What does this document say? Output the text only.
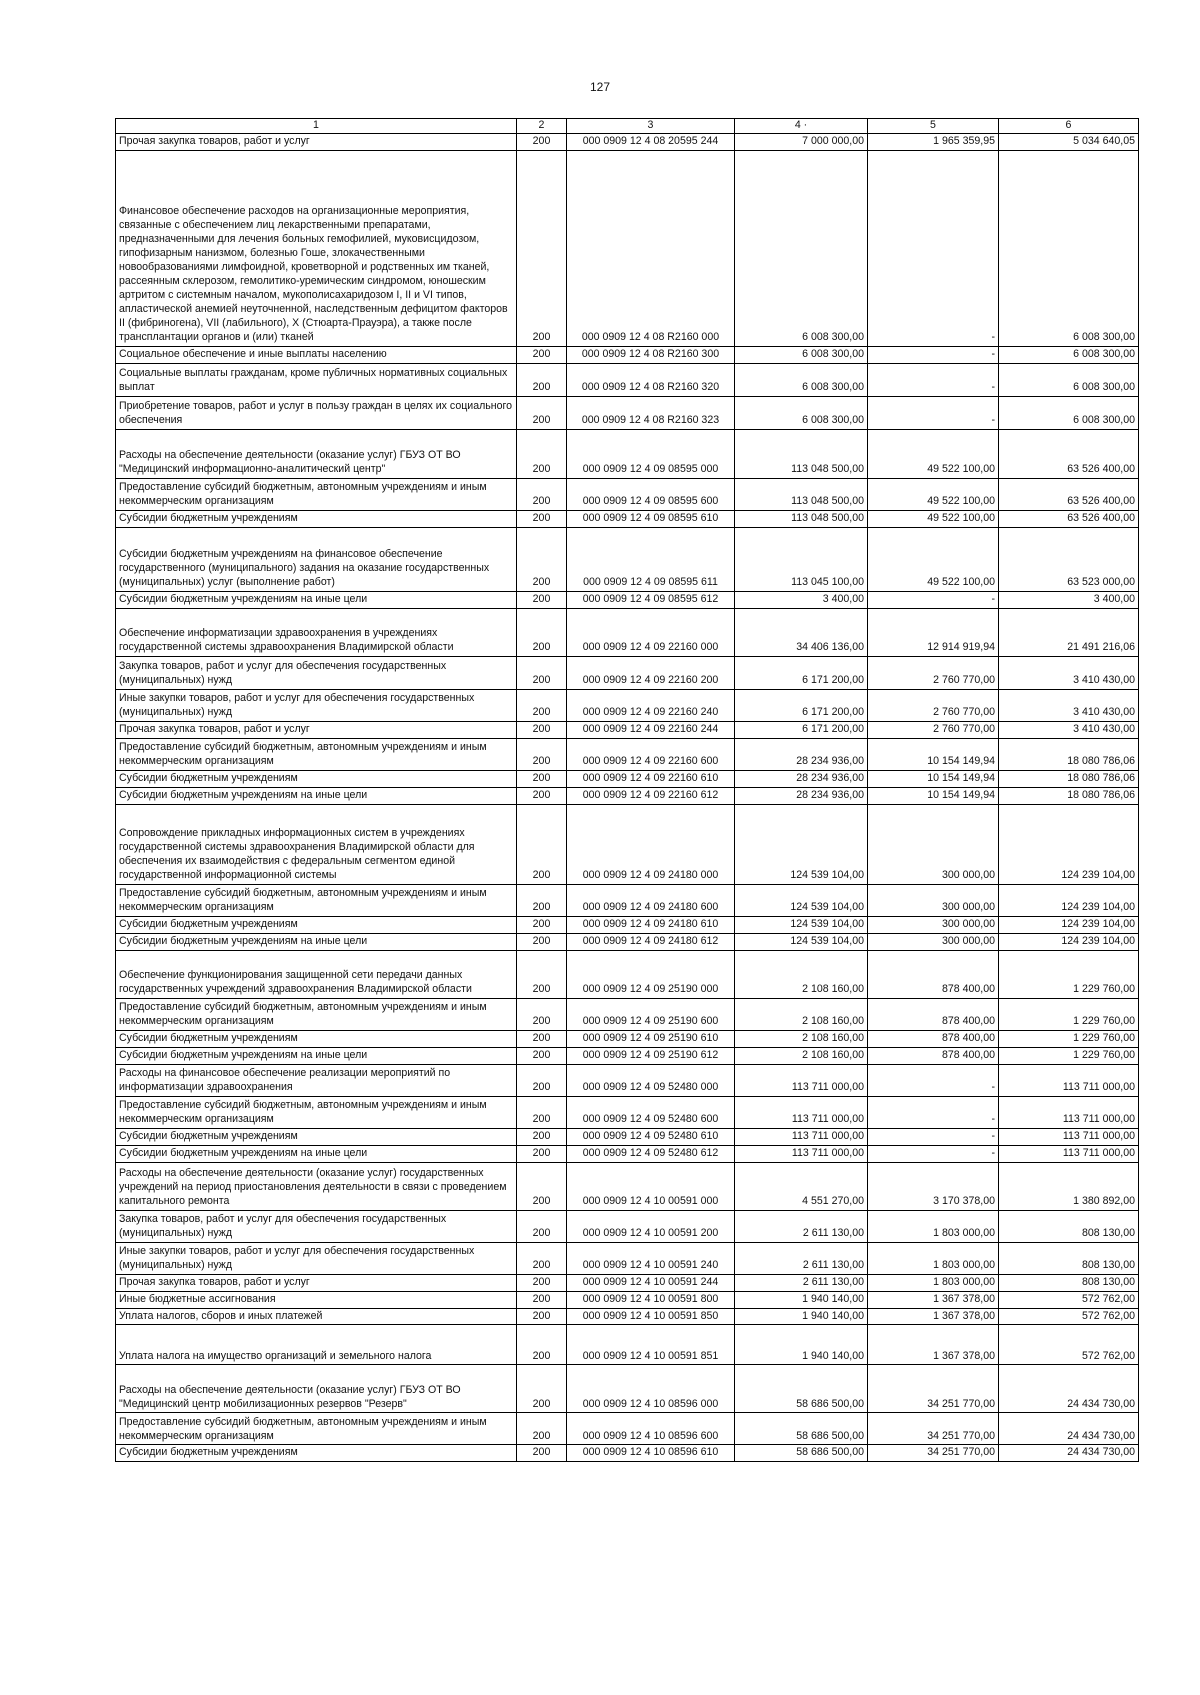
127
1	2	3	4 ·	5	6
Прочая закупка товаров, работ и услуг	200	000 0909 12 4 08 20595 244	7 000 000,00	1 965 359,95	5 034 640,05
Финансовое обеспечение расходов на организационные мероприятия, связанные с обеспечением лиц лекарственными препаратами, предназначенными для лечения больных гемофилией, муковисцидозом, гипофизарным нанизмом, болезнью Гоше, злокачественными новообразованиями лимфоидной, кроветворной и родственных им тканей, рассеянным склерозом, гемолитико-уремическим синдромом, юношеским артритом с системным началом, мукополисахаридозом I, II и VI типов, апластической анемией неуточненной, наследственным дефицитом факторов II (фибриногена), VII (лабильного), X (Стюарта-Прауэра), а также после трансплантации органов и (или) тканей	200	000 0909 12 4 08 R2160 000	6 008 300,00	-	6 008 300,00
Социальное обеспечение и иные выплаты населению	200	000 0909 12 4 08 R2160 300	6 008 300,00	-	6 008 300,00
Социальные выплаты гражданам, кроме публичных нормативных социальных выплат	200	000 0909 12 4 08 R2160 320	6 008 300,00	-	6 008 300,00
Приобретение товаров, работ и услуг в пользу граждан в целях их социального обеспечения	200	000 0909 12 4 08 R2160 323	6 008 300,00	-	6 008 300,00
Расходы на обеспечение деятельности (оказание услуг) ГБУЗ ОТ ВО "Медицинский информационно-аналитический центр"	200	000 0909 12 4 09 08595 000	113 048 500,00	49 522 100,00	63 526 400,00
Предоставление субсидий бюджетным, автономным учреждениям и иным некоммерческим организациям	200	000 0909 12 4 09 08595 600	113 048 500,00	49 522 100,00	63 526 400,00
Субсидии бюджетным учреждениям	200	000 0909 12 4 09 08595 610	113 048 500,00	49 522 100,00	63 526 400,00
Субсидии бюджетным учреждениям на финансовое обеспечение государственного (муниципального) задания на оказание государственных (муниципальных) услуг (выполнение работ)	200	000 0909 12 4 09 08595 611	113 045 100,00	49 522 100,00	63 523 000,00
Субсидии бюджетным учреждениям на иные цели	200	000 0909 12 4 09 08595 612	3 400,00	-	3 400,00
Обеспечение информатизации здравоохранения в учреждениях государственной системы здравоохранения Владимирской области	200	000 0909 12 4 09 22160 000	34 406 136,00	12 914 919,94	21 491 216,06
Закупка товаров, работ и услуг для обеспечения государственных (муниципальных) нужд	200	000 0909 12 4 09 22160 200	6 171 200,00	2 760 770,00	3 410 430,00
Иные закупки товаров, работ и услуг для обеспечения государственных (муниципальных) нужд	200	000 0909 12 4 09 22160 240	6 171 200,00	2 760 770,00	3 410 430,00
Прочая закупка товаров, работ и услуг	200	000 0909 12 4 09 22160 244	6 171 200,00	2 760 770,00	3 410 430,00
Предоставление субсидий бюджетным, автономным учреждениям и иным некоммерческим организациям	200	000 0909 12 4 09 22160 600	28 234 936,00	10 154 149,94	18 080 786,06
Субсидии бюджетным учреждениям	200	000 0909 12 4 09 22160 610	28 234 936,00	10 154 149,94	18 080 786,06
Субсидии бюджетным учреждениям на иные цели	200	000 0909 12 4 09 22160 612	28 234 936,00	10 154 149,94	18 080 786,06
Сопровождение прикладных информационных систем в учреждениях государственной системы здравоохранения Владимирской области для обеспечения их взаимодействия с федеральным сегментом единой государственной информационной системы	200	000 0909 12 4 09 24180 000	124 539 104,00	300 000,00	124 239 104,00
Предоставление субсидий бюджетным, автономным учреждениям и иным некоммерческим организациям	200	000 0909 12 4 09 24180 600	124 539 104,00	300 000,00	124 239 104,00
Субсидии бюджетным учреждениям	200	000 0909 12 4 09 24180 610	124 539 104,00	300 000,00	124 239 104,00
Субсидии бюджетным учреждениям на иные цели	200	000 0909 12 4 09 24180 612	124 539 104,00	300 000,00	124 239 104,00
Обеспечение функционирования защищенной сети передачи данных государственных учреждений здравоохранения Владимирской области	200	000 0909 12 4 09 25190 000	2 108 160,00	878 400,00	1 229 760,00
Предоставление субсидий бюджетным, автономным учреждениям и иным некоммерческим организациям	200	000 0909 12 4 09 25190 600	2 108 160,00	878 400,00	1 229 760,00
Субсидии бюджетным учреждениям	200	000 0909 12 4 09 25190 610	2 108 160,00	878 400,00	1 229 760,00
Субсидии бюджетным учреждениям на иные цели	200	000 0909 12 4 09 25190 612	2 108 160,00	878 400,00	1 229 760,00
Расходы на финансовое обеспечение реализации мероприятий по информатизации здравоохранения	200	000 0909 12 4 09 52480 000	113 711 000,00	-	113 711 000,00
Предоставление субсидий бюджетным, автономным учреждениям и иным некоммерческим организациям	200	000 0909 12 4 09 52480 600	113 711 000,00	-	113 711 000,00
Субсидии бюджетным учреждениям	200	000 0909 12 4 09 52480 610	113 711 000,00	-	113 711 000,00
Субсидии бюджетным учреждениям на иные цели	200	000 0909 12 4 09 52480 612	113 711 000,00	-	113 711 000,00
Расходы на обеспечение деятельности (оказание услуг) государственных учреждений на период приостановления деятельности в связи с проведением капитального ремонта	200	000 0909 12 4 10 00591 000	4 551 270,00	3 170 378,00	1 380 892,00
Закупка товаров, работ и услуг для обеспечения государственных (муниципальных) нужд	200	000 0909 12 4 10 00591 200	2 611 130,00	1 803 000,00	808 130,00
Иные закупки товаров, работ и услуг для обеспечения государственных (муниципальных) нужд	200	000 0909 12 4 10 00591 240	2 611 130,00	1 803 000,00	808 130,00
Прочая закупка товаров, работ и услуг	200	000 0909 12 4 10 00591 244	2 611 130,00	1 803 000,00	808 130,00
Иные бюджетные ассигнования	200	000 0909 12 4 10 00591 800	1 940 140,00	1 367 378,00	572 762,00
Уплата налогов, сборов и иных платежей	200	000 0909 12 4 10 00591 850	1 940 140,00	1 367 378,00	572 762,00
Уплата налога на имущество организаций и земельного налога	200	000 0909 12 4 10 00591 851	1 940 140,00	1 367 378,00	572 762,00
Расходы на обеспечение деятельности (оказание услуг) ГБУЗ ОТ ВО "Медицинский центр мобилизационных резервов "Резерв"	200	000 0909 12 4 10 08596 000	58 686 500,00	34 251 770,00	24 434 730,00
Предоставление субсидий бюджетным, автономным учреждениям и иным некоммерческим организациям	200	000 0909 12 4 10 08596 600	58 686 500,00	34 251 770,00	24 434 730,00
Субсидии бюджетным учреждениям	200	000 0909 12 4 10 08596 610	58 686 500,00	34 251 770,00	24 434 730,00
